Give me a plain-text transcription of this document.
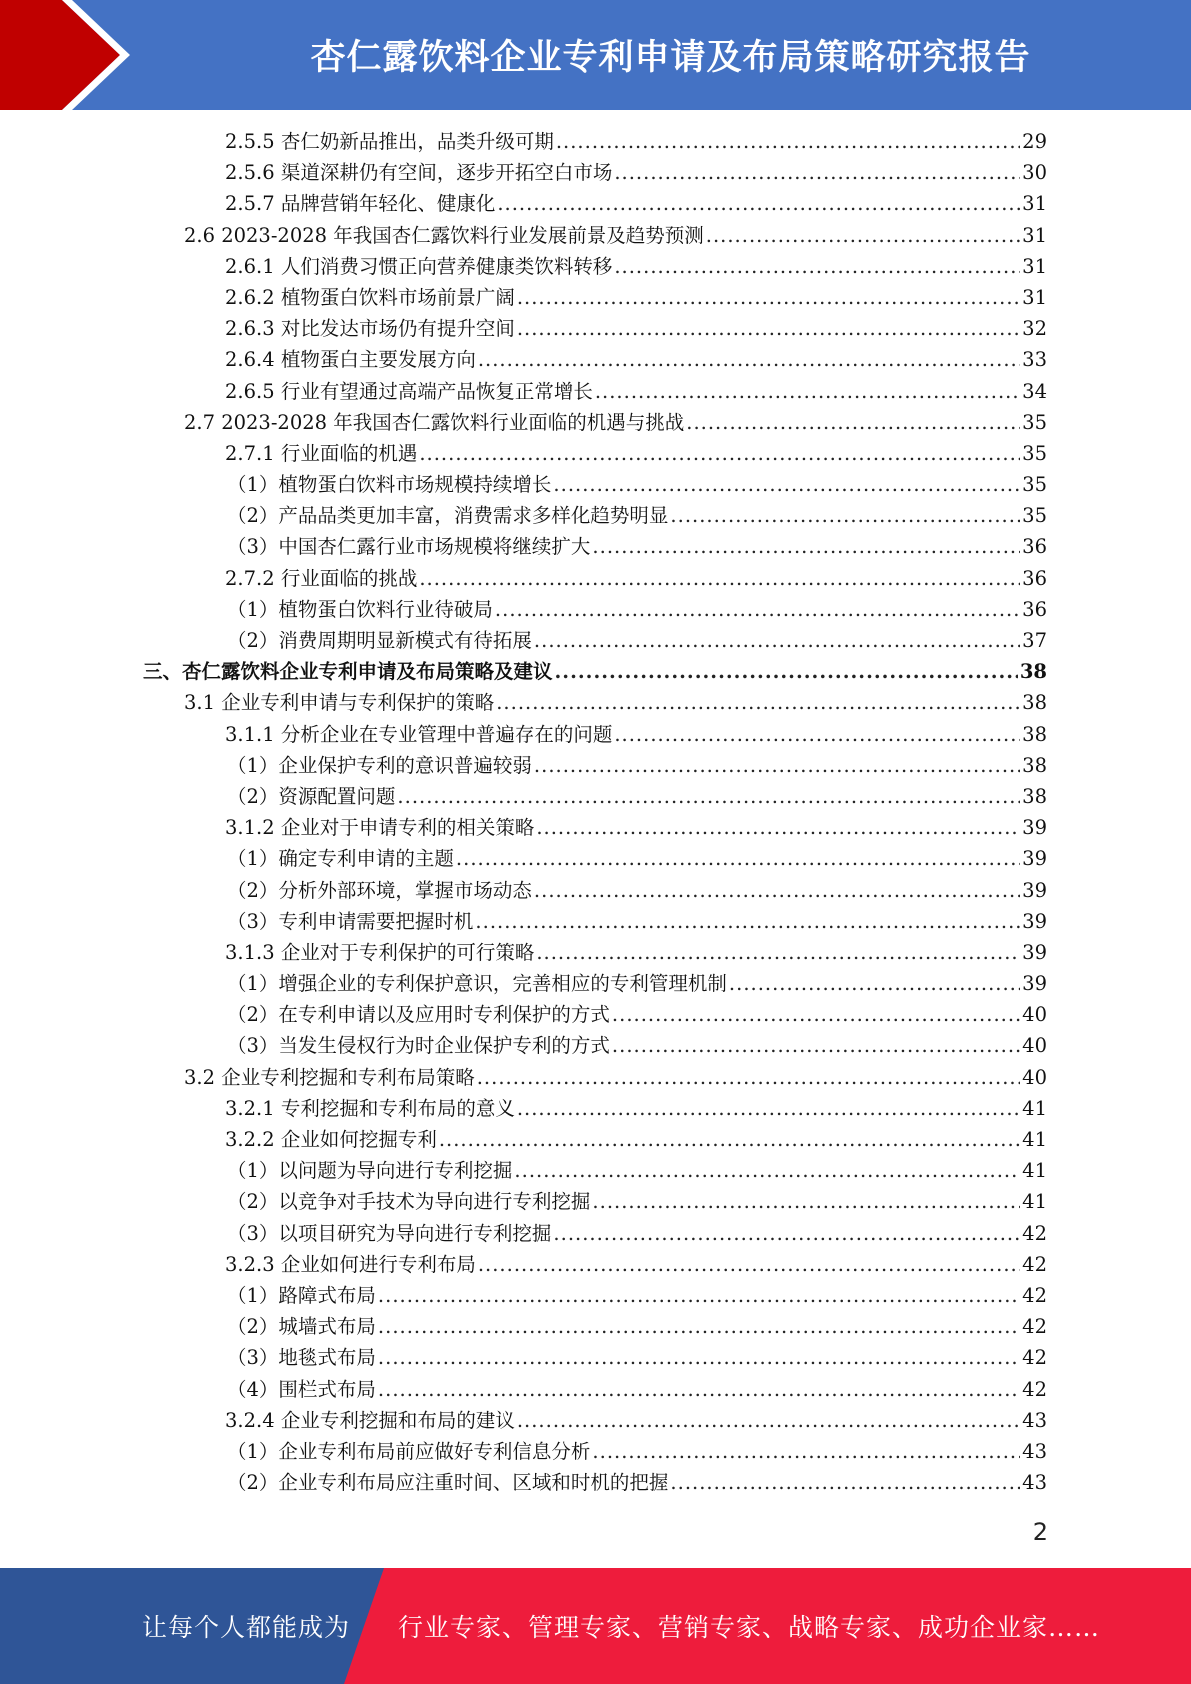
杏仁露饮料企业专利申请及布局策略研究报告
2.5.5 杏仁奶新品推出，品类升级可期 .....	29
2.5.6 渠道深耕仍有空间，逐步开拓空白市场 .....	30
2.5.7 品牌营销年轻化、健康化 .....	31
2.6 2023-2028 年我国杏仁露饮料行业发展前景及趋势预测 .....	31
2.6.1 人们消费习惯正向营养健康类饮料转移 .....	31
2.6.2 植物蛋白饮料市场前景广阔 .....	31
2.6.3 对比发达市场仍有提升空间 .....	32
2.6.4 植物蛋白主要发展方向 .....	33
2.6.5 行业有望通过高端产品恢复正常增长 .....	34
2.7 2023-2028 年我国杏仁露饮料行业面临的机遇与挑战 .....	35
2.7.1 行业面临的机遇 .....	35
（1）植物蛋白饮料市场规模持续增长 .....	35
（2）产品品类更加丰富，消费需求多样化趋势明显 .....	35
（3）中国杏仁露行业市场规模将继续扩大 .....	36
2.7.2 行业面临的挑战 .....	36
（1）植物蛋白饮料行业待破局 .....	36
（2）消费周期明显新模式有待拓展 .....	37
三、杏仁露饮料企业专利申请及布局策略及建议 .....	38
3.1 企业专利申请与专利保护的策略 .....	38
3.1.1 分析企业在专业管理中普遍存在的问题 .....	38
（1）企业保护专利的意识普遍较弱 .....	38
（2）资源配置问题 .....	38
3.1.2 企业对于申请专利的相关策略 .....	39
（1）确定专利申请的主题 .....	39
（2）分析外部环境，掌握市场动态 .....	39
（3）专利申请需要把握时机 .....	39
3.1.3 企业对于专利保护的可行策略 .....	39
（1）增强企业的专利保护意识，完善相应的专利管理机制 .....	39
（2）在专利申请以及应用时专利保护的方式 .....	40
（3）当发生侵权行为时企业保护专利的方式 .....	40
3.2 企业专利挖掘和专利布局策略 .....	40
3.2.1 专利挖掘和专利布局的意义 .....	41
3.2.2 企业如何挖掘专利 .....	41
（1）以问题为导向进行专利挖掘 .....	41
（2）以竞争对手技术为导向进行专利挖掘 .....	41
（3）以项目研究为导向进行专利挖掘 .....	42
3.2.3 企业如何进行专利布局 .....	42
（1）路障式布局 .....	42
（2）城墙式布局 .....	42
（3）地毯式布局 .....	42
（4）围栏式布局 .....	42
3.2.4 企业专利挖掘和布局的建议 .....	43
（1）企业专利布局前应做好专利信息分析 .....	43
（2）企业专利布局应注重时间、区域和时机的把握 .....	43
2
让每个人都能成为 行业专家、管理专家、营销专家、战略专家、成功企业家……
